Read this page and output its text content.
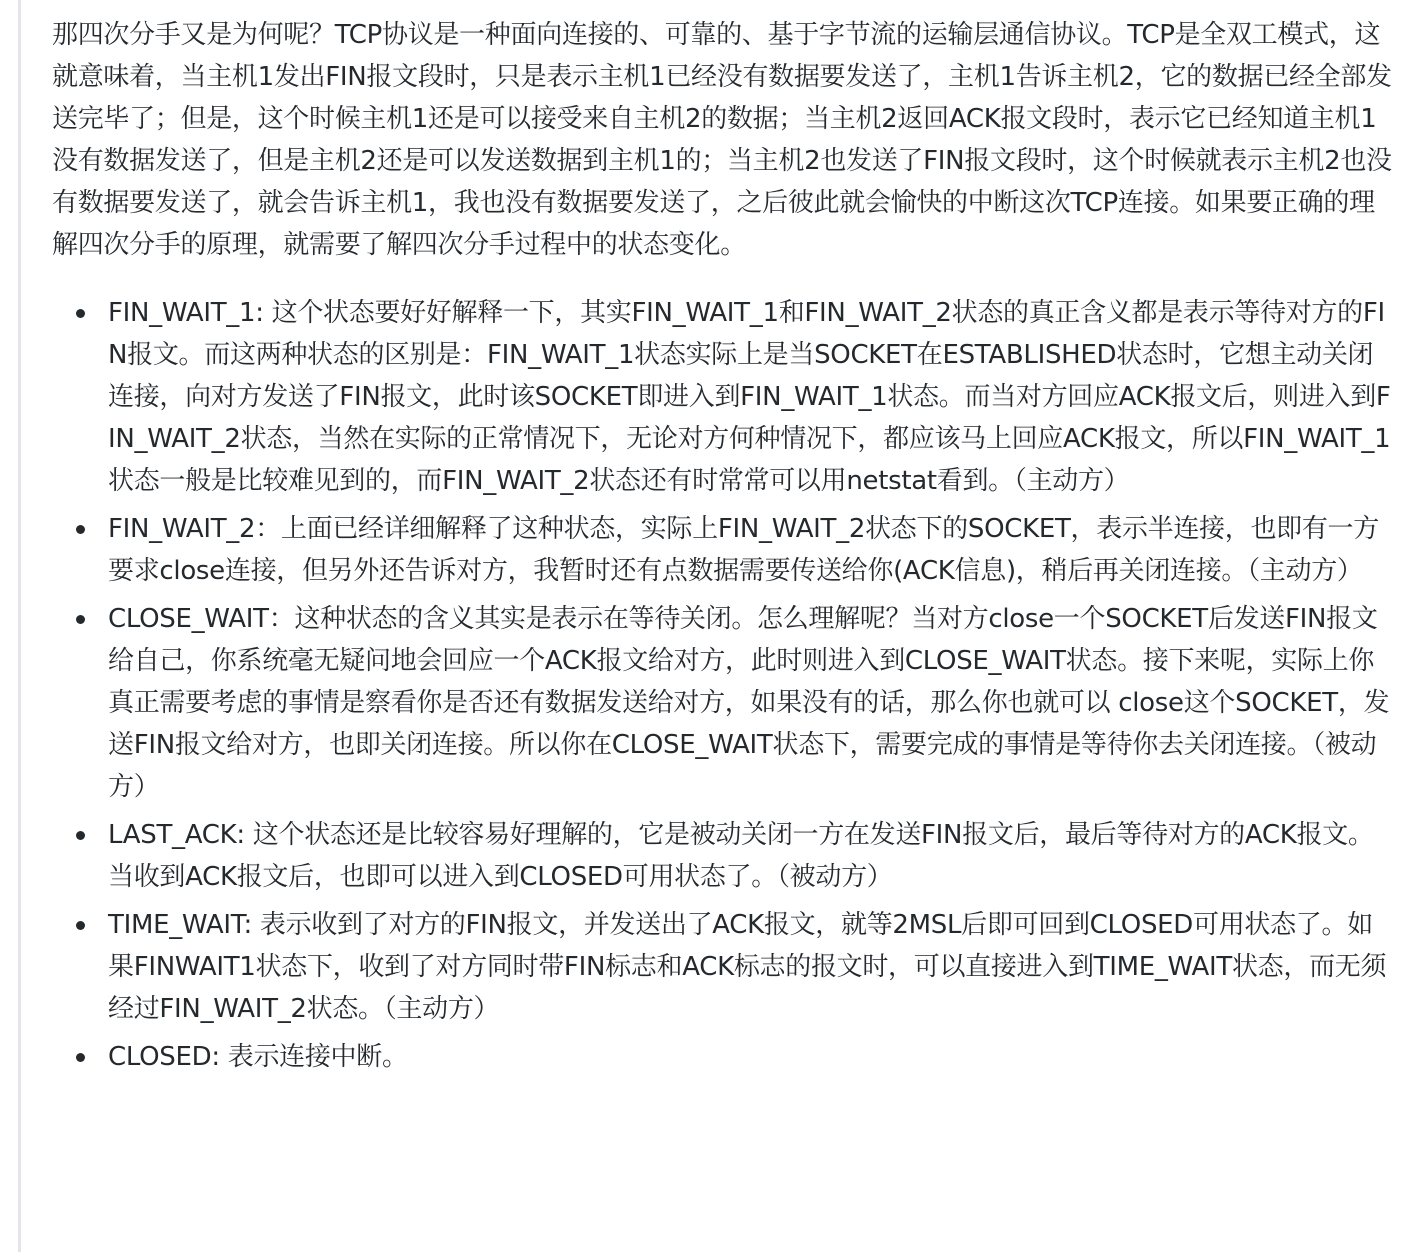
那四次分手又是为何呢？TCP协议是一种面向连接的、可靠的、基于字节流的运输层通信协议。TCP是全双工模式，这就意味着，当主机1发出FIN报文段时，只是表示主机1已经没有数据要发送了，主机1告诉主机2，它的数据已经全部发送完毕了；但是，这个时候主机1还是可以接受来自主机2的数据；当主机2返回ACK报文段时，表示它已经知道主机1没有数据发送了，但是主机2还是可以发送数据到主机1的；当主机2也发送了FIN报文段时，这个时候就表示主机2也没有数据要发送了，就会告诉主机1，我也没有数据要发送了，之后彼此就会愉快的中断这次TCP连接。如果要正确的理解四次分手的原理，就需要了解四次分手过程中的状态变化。

FIN_WAIT_1: 这个状态要好好解释一下，其实FIN_WAIT_1和FIN_WAIT_2状态的真正含义都是表示等待对方的FIN报文。而这两种状态的区别是：FIN_WAIT_1状态实际上是当SOCKET在ESTABLISHED状态时，它想主动关闭连接，向对方发送了FIN报文，此时该SOCKET即进入到FIN_WAIT_1状态。而当对方回应ACK报文后，则进入到FIN_WAIT_2状态，当然在实际的正常情况下，无论对方何种情况下，都应该马上回应ACK报文，所以FIN_WAIT_1状态一般是比较难见到的，而FIN_WAIT_2状态还有时常常可以用netstat看到。（主动方）
FIN_WAIT_2：上面已经详细解释了这种状态，实际上FIN_WAIT_2状态下的SOCKET，表示半连接，也即有一方要求close连接，但另外还告诉对方，我暂时还有点数据需要传送给你(ACK信息)，稍后再关闭连接。（主动方）
CLOSE_WAIT：这种状态的含义其实是表示在等待关闭。怎么理解呢？当对方close一个SOCKET后发送FIN报文给自己，你系统毫无疑问地会回应一个ACK报文给对方，此时则进入到CLOSE_WAIT状态。接下来呢，实际上你真正需要考虑的事情是察看你是否还有数据发送给对方，如果没有的话，那么你也就可以 close这个SOCKET，发送FIN报文给对方，也即关闭连接。所以你在CLOSE_WAIT状态下，需要完成的事情是等待你去关闭连接。（被动方）
LAST_ACK: 这个状态还是比较容易好理解的，它是被动关闭一方在发送FIN报文后，最后等待对方的ACK报文。当收到ACK报文后，也即可以进入到CLOSED可用状态了。（被动方）
TIME_WAIT: 表示收到了对方的FIN报文，并发送出了ACK报文，就等2MSL后即可回到CLOSED可用状态了。如果FINWAIT1状态下，收到了对方同时带FIN标志和ACK标志的报文时，可以直接进入到TIME_WAIT状态，而无须经过FIN_WAIT_2状态。（主动方）
CLOSED: 表示连接中断。
